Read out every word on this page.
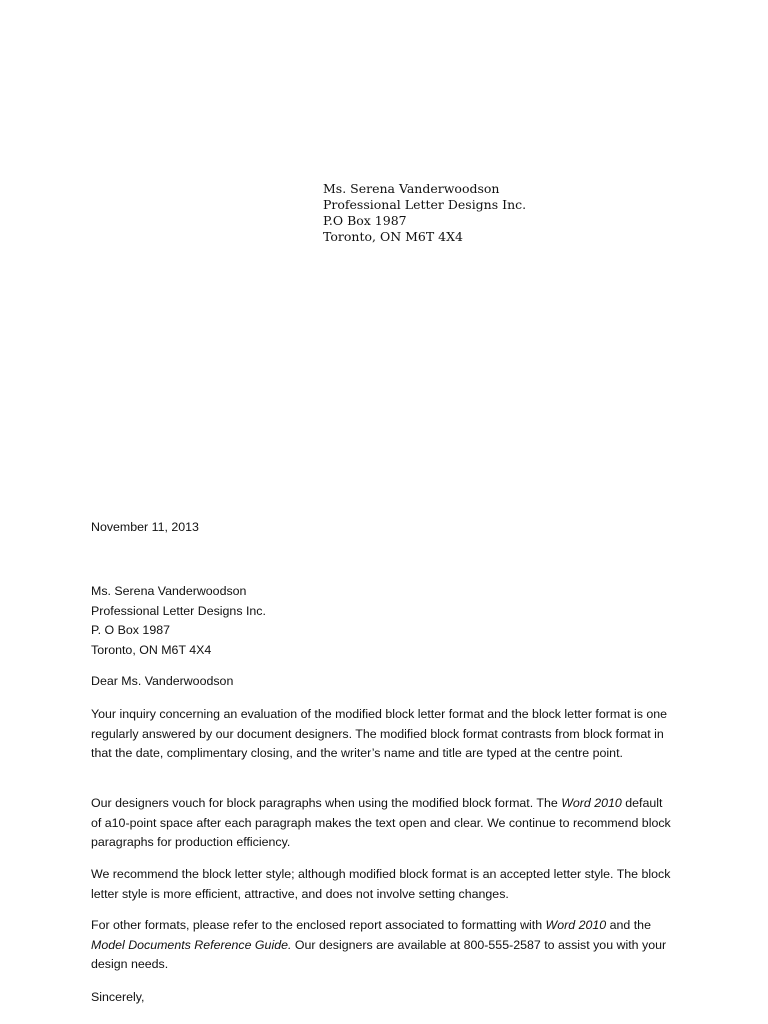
Ms. Serena Vanderwoodson
Professional Letter Designs Inc.
P.O Box 1987
Toronto, ON M6T 4X4
November 11, 2013
Ms. Serena Vanderwoodson
Professional Letter Designs Inc.
P. O Box 1987
Toronto, ON M6T 4X4
Dear Ms. Vanderwoodson
Your inquiry concerning an evaluation of the modified block letter format and the block letter format is one regularly answered by our document designers. The modified block format contrasts from block format in that the date, complimentary closing, and the writer’s name and title are typed at the centre point.
Our designers vouch for block paragraphs when using the modified block format. The Word 2010 default of a10-point space after each paragraph makes the text open and clear. We continue to recommend block paragraphs for production efficiency.
We recommend the block letter style; although modified block format is an accepted letter style. The block letter style is more efficient, attractive, and does not involve setting changes.
For other formats, please refer to the enclosed report associated to formatting with Word 2010 and the Model Documents Reference Guide. Our designers are available at 800-555-2587 to assist you with your design needs.
Sincerely,
